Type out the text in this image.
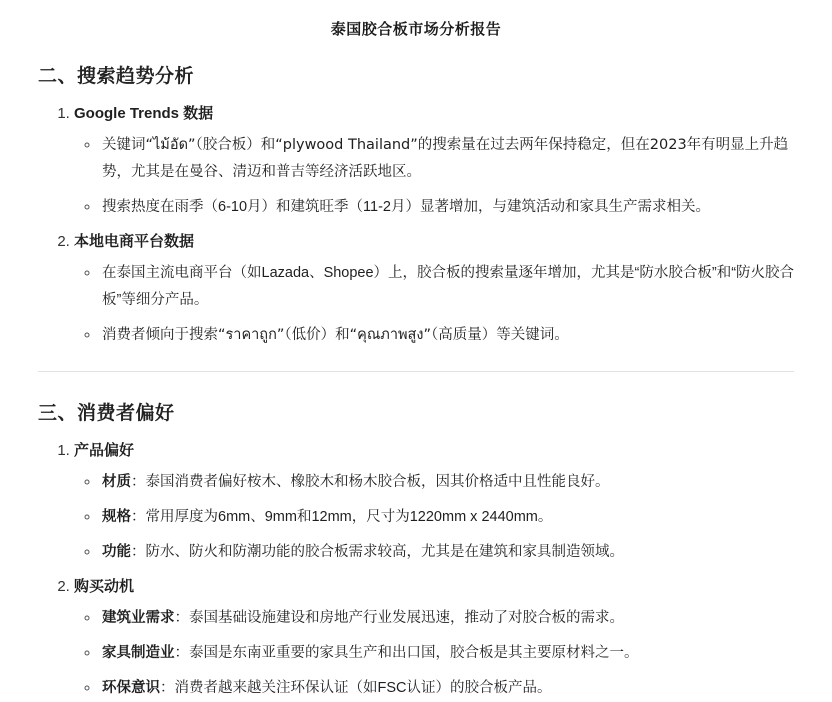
泰国胶合板市场分析报告
二、搜索趋势分析
1. Google Trends 数据
◦ 关键词“ไม้อัด”（胶合板）和“plywood Thailand”的搜索量在过去两年保持稳定，但在2023年有明显上升趋势，尤其是在曼谷、清迈和普吉等经济活跃地区。
◦ 搜索热度在雨季（6-10月）和建筑旺季（11-2月）显著增加，与建筑活动和家具生产需求相关。
2. 本地电商平台数据
◦ 在泰国主流电商平台（如Lazada、Shopee）上，胶合板的搜索量逐年增加，尤其是“防水胶合板”和“防火胶合板”等细分产品。
◦ 消费者倾向于搜索“ราคาถูก”（低价）和“คุณภาพสูง”（高质量）等关键词。
三、消费者偏好
1. 产品偏好
◦ 材质：泰国消费者偏好桉木、橡胶木和杨木胶合板，因其价格适中且性能良好。
◦ 规格：常用厚度为6mm、9mm和12mm，尺寸为1220mm x 2440mm。
◦ 功能：防水、防火和防潮功能的胶合板需求较高，尤其是在建筑和家具制造领域。
2. 购买动机
◦ 建筑业需求：泰国基础设施建设和房地产行业发展迅速，推动了对胶合板的需求。
◦ 家具制造业：泰国是东南亚重要的家具生产和出口国，胶合板是其主要原材料之一。
◦ 环保意识：消费者越来越关注环保认证（如FSC认证）的胶合板产品。
